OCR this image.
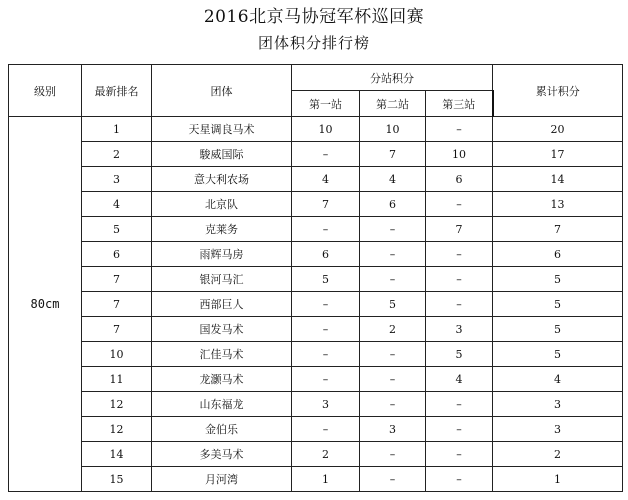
2016北京马协冠军杯巡回赛
团体积分排行榜
级别	最新排名	团体	分站积分			累计积分
			第一站	第二站	第三站	
80cm	1	天星调良马术	10	10	–	20
	2	駿威国际	–	7	10	17
	3	意大利农场	4	4	6	14
	4	北京队	7	6	–	13
	5	克莱务	–	–	7	7
	6	雨辉马房	6	–	–	6
	7	银河马汇	5	–	–	5
	7	西部巨人	–	5	–	5
	7	国发马术	–	2	3	5
	10	汇佳马术	–	–	5	5
	11	龙灏马术	–	–	4	4
	12	山东福龙	3	–	–	3
	12	金伯乐	–	3	–	3
	14	多美马术	2	–	–	2
	15	月河湾	1	–	–	1
